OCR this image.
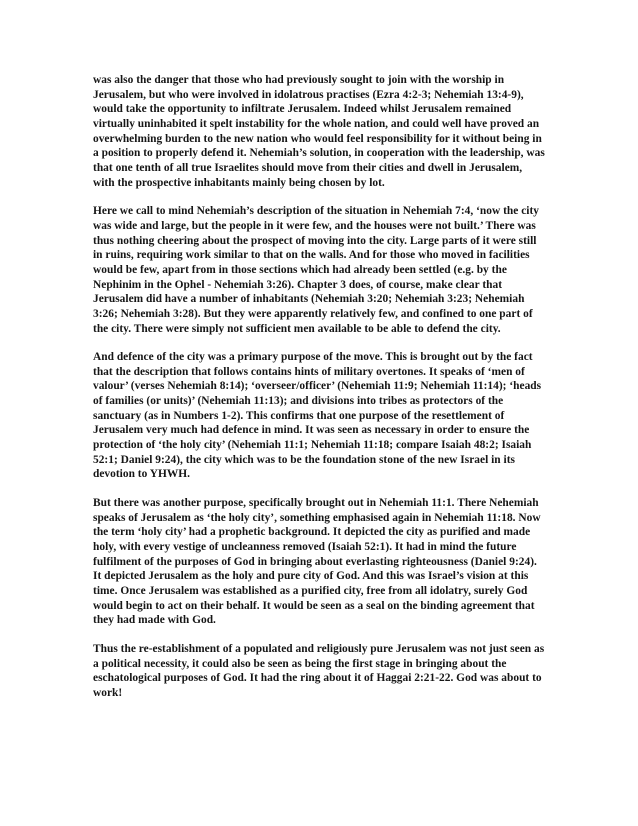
was also the danger that those who had previously sought to join with the worship in Jerusalem, but who were involved in idolatrous practises (Ezra 4:2-3; Nehemiah 13:4-9), would take the opportunity to infiltrate Jerusalem. Indeed whilst Jerusalem remained virtually uninhabited it spelt instability for the whole nation, and could well have proved an overwhelming burden to the new nation who would feel responsibility for it without being in a position to properly defend it. Nehemiah’s solution, in cooperation with the leadership, was that one tenth of all true Israelites should move from their cities and dwell in Jerusalem, with the prospective inhabitants mainly being chosen by lot.

Here we call to mind Nehemiah’s description of the situation in Nehemiah 7:4, ‘now the city was wide and large, but the people in it were few, and the houses were not built.’ There was thus nothing cheering about the prospect of moving into the city. Large parts of it were still in ruins, requiring work similar to that on the walls. And for those who moved in facilities would be few, apart from in those sections which had already been settled (e.g. by the Nephinim in the Ophel - Nehemiah 3:26). Chapter 3 does, of course, make clear that Jerusalem did have a number of inhabitants (Nehemiah 3:20; Nehemiah 3:23; Nehemiah 3:26; Nehemiah 3:28). But they were apparently relatively few, and confined to one part of the city. There were simply not sufficient men available to be able to defend the city.

And defence of the city was a primary purpose of the move. This is brought out by the fact that the description that follows contains hints of military overtones. It speaks of ‘men of valour’ (verses Nehemiah 8:14); ‘overseer/officer’ (Nehemiah 11:9; Nehemiah 11:14); ‘heads of families (or units)’ (Nehemiah 11:13); and divisions into tribes as protectors of the sanctuary (as in Numbers 1-2). This confirms that one purpose of the resettlement of Jerusalem very much had defence in mind. It was seen as necessary in order to ensure the protection of ‘the holy city’ (Nehemiah 11:1; Nehemiah 11:18; compare Isaiah 48:2; Isaiah 52:1; Daniel 9:24), the city which was to be the foundation stone of the new Israel in its devotion to YHWH.

But there was another purpose, specifically brought out in Nehemiah 11:1. There Nehemiah speaks of Jerusalem as ‘the holy city’, something emphasised again in Nehemiah 11:18. Now the term ‘holy city’ had a prophetic background. It depicted the city as purified and made holy, with every vestige of uncleanness removed (Isaiah 52:1). It had in mind the future fulfilment of the purposes of God in bringing about everlasting righteousness (Daniel 9:24). It depicted Jerusalem as the holy and pure city of God. And this was Israel’s vision at this time. Once Jerusalem was established as a purified city, free from all idolatry, surely God would begin to act on their behalf. It would be seen as a seal on the binding agreement that they had made with God.

Thus the re-establishment of a populated and religiously pure Jerusalem was not just seen as a political necessity, it could also be seen as being the first stage in bringing about the eschatological purposes of God. It had the ring about it of Haggai 2:21-22. God was about to work!
